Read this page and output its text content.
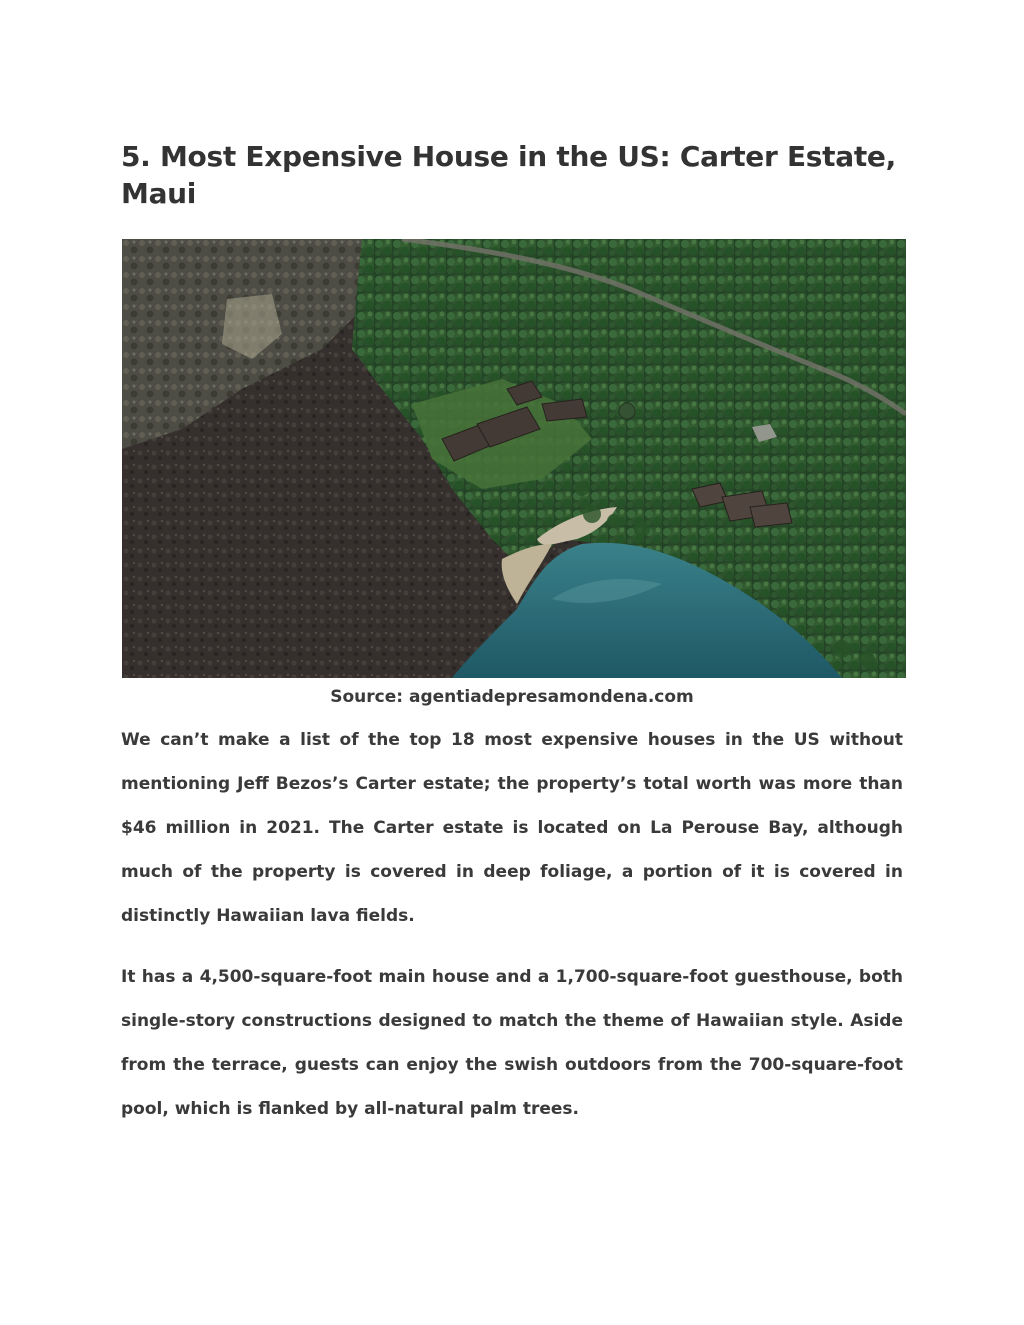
5. Most Expensive House in the US: Carter Estate, Maui
Source: agentiadepresamondena.com

We can’t make a list of the top 18 most expensive houses in the US without mentioning Jeff Bezos’s Carter estate; the property’s total worth was more than $46 million in 2021. The Carter estate is located on La Perouse Bay, although much of the property is covered in deep foliage, a portion of it is covered in distinctly Hawaiian lava fields.

It has a 4,500-square-foot main house and a 1,700-square-foot guesthouse, both single-story constructions designed to match the theme of Hawaiian style. Aside from the terrace, guests can enjoy the swish outdoors from the 700-square-foot pool, which is flanked by all-natural palm trees.
